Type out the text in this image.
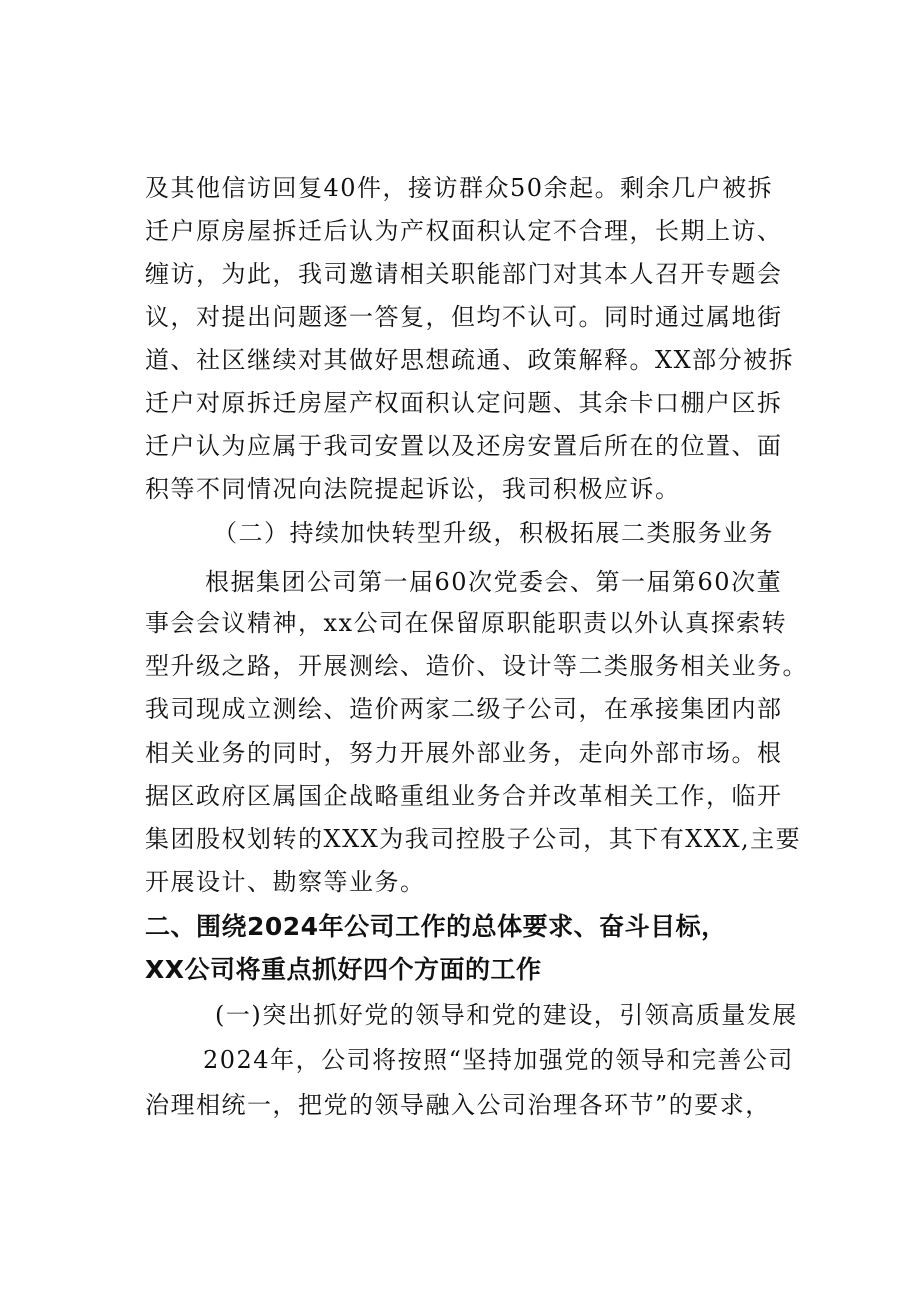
及其他信访回复40件，接访群众50余起。剩余几户被拆
迁户原房屋拆迁后认为产权面积认定不合理，长期上访、
缠访，为此，我司邀请相关职能部门对其本人召开专题会
议，对提出问题逐一答复，但均不认可。同时通过属地街
道、社区继续对其做好思想疏通、政策解释。XX部分被拆
迁户对原拆迁房屋产权面积认定问题、其余卡口棚户区拆
迁户认为应属于我司安置以及还房安置后所在的位置、面
积等不同情况向法院提起诉讼，我司积极应诉。
（二）持续加快转型升级，积极拓展二类服务业务
根据集团公司第一届60次党委会、第一届第60次董
事会会议精神，xx公司在保留原职能职责以外认真探索转
型升级之路，开展测绘、造价、设计等二类服务相关业务。
我司现成立测绘、造价两家二级子公司，在承接集团内部
相关业务的同时，努力开展外部业务，走向外部市场。根
据区政府区属国企战略重组业务合并改革相关工作，临开
集团股权划转的XXX为我司控股子公司，其下有XXX,主要
开展设计、勘察等业务。
二、围绕2024年公司工作的总体要求、奋斗目标，
XX公司将重点抓好四个方面的工作
(一)突出抓好党的领导和党的建设，引领高质量发展
2024年，公司将按照“坚持加强党的领导和完善公司
治理相统一，把党的领导融入公司治理各环节”的要求，
